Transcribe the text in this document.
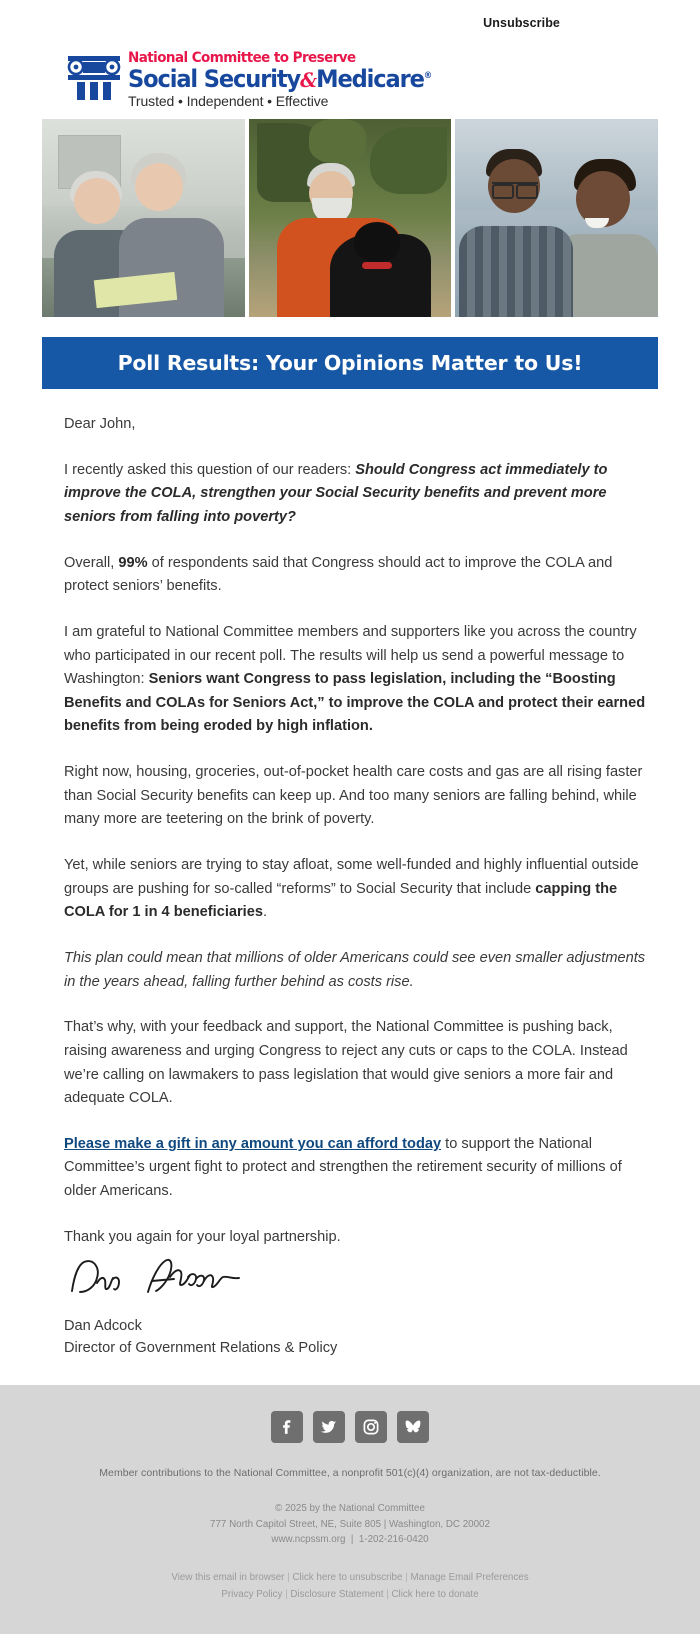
Unsubscribe
National Committee to Preserve
Social Security&Medicare®
Trusted • Independent • Effective
Poll Results: Your Opinions Matter to Us!

Dear John,

I recently asked this question of our readers: Should Congress act immediately to improve the COLA, strengthen your Social Security benefits and prevent more seniors from falling into poverty?

Overall, 99% of respondents said that Congress should act to improve the COLA and protect seniors’ benefits.

I am grateful to National Committee members and supporters like you across the country who participated in our recent poll. The results will help us send a powerful message to Washington: Seniors want Congress to pass legislation, including the “Boosting Benefits and COLAs for Seniors Act,” to improve the COLA and protect their earned benefits from being eroded by high inflation.

Right now, housing, groceries, out-of-pocket health care costs and gas are all rising faster than Social Security benefits can keep up. And too many seniors are falling behind, while many more are teetering on the brink of poverty.

Yet, while seniors are trying to stay afloat, some well-funded and highly influential outside groups are pushing for so-called “reforms” to Social Security that include capping the COLA for 1 in 4 beneficiaries.

This plan could mean that millions of older Americans could see even smaller adjustments in the years ahead, falling further behind as costs rise.

That’s why, with your feedback and support, the National Committee is pushing back, raising awareness and urging Congress to reject any cuts or caps to the COLA. Instead we’re calling on lawmakers to pass legislation that would give seniors a more fair and adequate COLA.

Please make a gift in any amount you can afford today to support the National Committee’s urgent fight to protect and strengthen the retirement security of millions of older Americans.

Thank you again for your loyal partnership.

Dan Adcock
Director of Government Relations & Policy
Member contributions to the National Committee, a nonprofit 501(c)(4) organization, are not tax-deductible.
© 2025 by the National Committee
777 North Capitol Street, NE, Suite 805 | Washington, DC 20002
www.ncpssm.org  |  1-202-216-0420
View this email in browser | Click here to unsubscribe | Manage Email Preferences
Privacy Policy | Disclosure Statement | Click here to donate
